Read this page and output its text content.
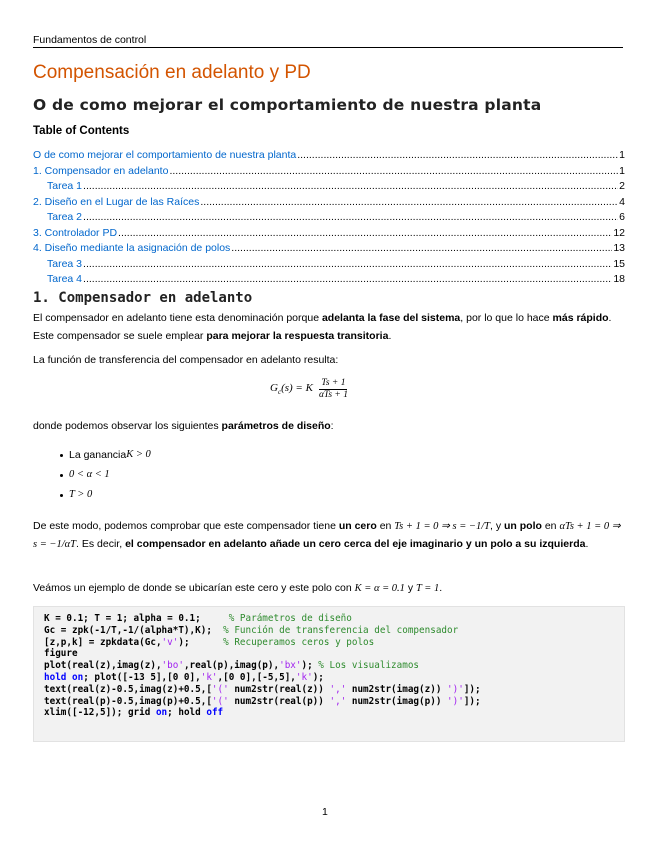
Fundamentos de control
Compensación en adelanto y PD
O de como mejorar el comportamiento de nuestra planta
Table of Contents
O de como mejorar el comportamiento de nuestra planta .....	1
1. Compensador en adelanto .....	1
Tarea 1 .....	2
2. Diseño en el Lugar de las Raíces .....	4
Tarea 2 .....	6
3. Controlador PD .....	12
4. Diseño mediante la asignación de polos .....	13
Tarea 3 .....	15
Tarea 4 .....	18
1. Compensador en adelanto
El compensador en adelanto tiene esta denominación porque adelanta la fase del sistema, por lo que lo hace más rápido. Este compensador se suele emplear para mejorar la respuesta transitoria.
La función de transferencia del compensador en adelanto resulta:
$G_c(s) = K \frac{Ts + 1}{\text{αTs + 1}}$
donde podemos observar los siguientes parámetros de diseño:
La ganancia K > 0
0 < α < 1
T > 0
De este modo, podemos comprobar que este compensador tiene un cero en Ts + 1 = 0 ⇒ s = −1/T, y un polo en αTs + 1 = 0 ⇒ s = −1/αT. Es decir, el compensador en adelanto añade un cero cerca del eje imaginario y un polo a su izquierda.
Veámos un ejemplo de donde se ubicarían este cero y este polo con K = α = 0.1 y T = 1.
K = 0.1; T = 1; alpha = 0.1;     % Parámetros de diseño
Gc = zpk(-1/T,-1/(alpha*T),K);  % Función de transferencia del compensador
[z,p,k] = zpkdata(Gc,'v');      % Recuperamos ceros y polos
figure
plot(real(z),imag(z),'bo',real(p),imag(p),'bx'); % Los visualizamos
hold on; plot([-13 5],[0 0],'k',[0 0],[-5,5],'k');
text(real(z)-0.5,imag(z)+0.5,['(' num2str(real(z)) ',' num2str(imag(z)) ')']);
text(real(p)-0.5,imag(p)+0.5,['(' num2str(real(p)) ',' num2str(imag(p)) ')']);
xlim([-12,5]); grid on; hold off
1
